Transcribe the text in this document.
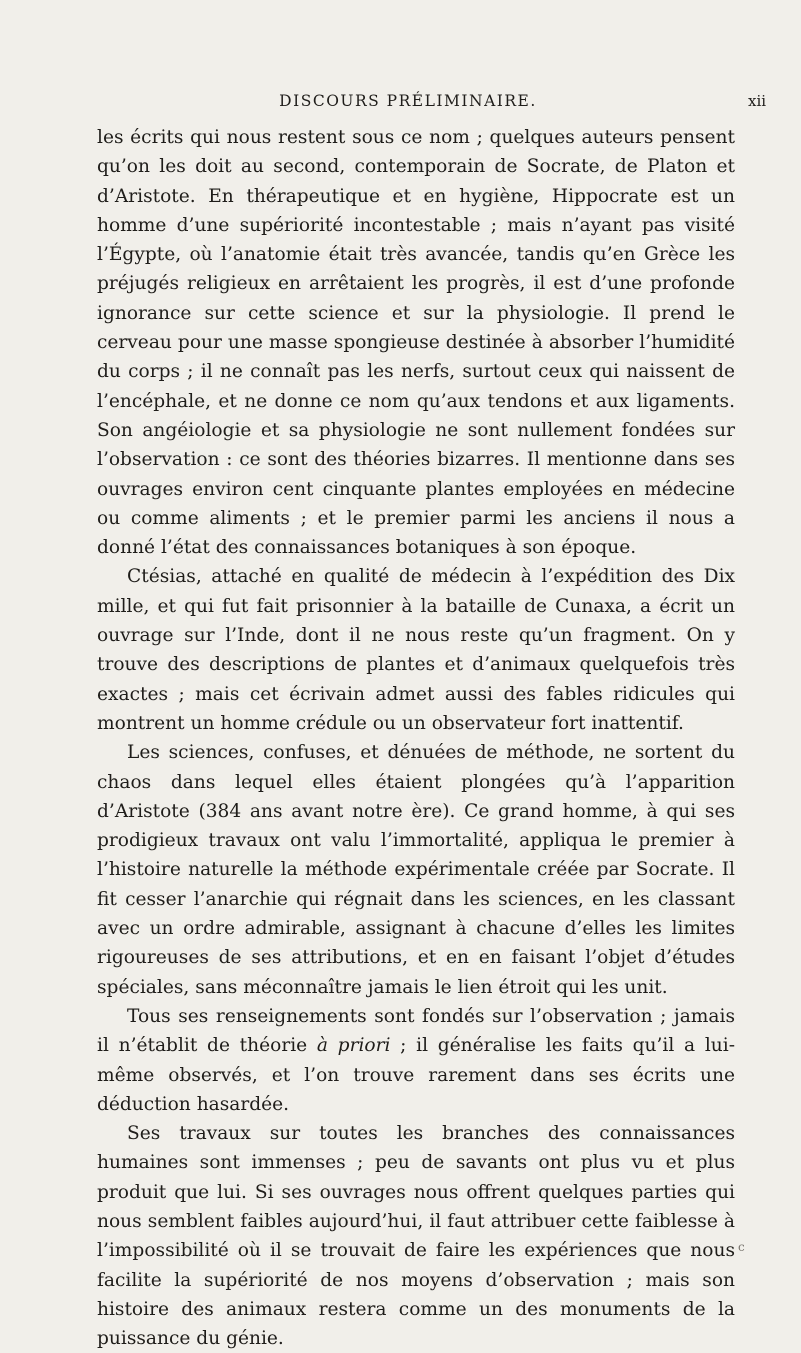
DISCOURS PRÉLIMINAIRE.	xii

les écrits qui nous restent sous ce nom ; quelques auteurs pensent qu’on les doit au second, contemporain de Socrate, de Platon et d’Aristote. En thérapeutique et en hygiène, Hippocrate est un homme d’une supériorité incontestable ; mais n’ayant pas visité l’Égypte, où l’anatomie était très avancée, tandis qu’en Grèce les préjugés religieux en arrêtaient les progrès, il est d’une profonde ignorance sur cette science et sur la physiologie. Il prend le cerveau pour une masse spongieuse destinée à absorber l’humidité du corps ; il ne connaît pas les nerfs, surtout ceux qui naissent de l’encéphale, et ne donne ce nom qu’aux tendons et aux ligaments. Son angéiologie et sa physiologie ne sont nullement fondées sur l’observation : ce sont des théories bizarres. Il mentionne dans ses ouvrages environ cent cinquante plantes employées en médecine ou comme aliments ; et le premier parmi les anciens il nous a donné l’état des connaissances botaniques à son époque.

Ctésias, attaché en qualité de médecin à l’expédition des Dix mille, et qui fut fait prisonnier à la bataille de Cunaxa, a écrit un ouvrage sur l’Inde, dont il ne nous reste qu’un fragment. On y trouve des descriptions de plantes et d’animaux quelquefois très exactes ; mais cet écrivain admet aussi des fables ridicules qui montrent un homme crédule ou un observateur fort inattentif.

Les sciences, confuses, et dénuées de méthode, ne sortent du chaos dans lequel elles étaient plongées qu’à l’apparition d’Aristote (384 ans avant notre ère). Ce grand homme, à qui ses prodigieux travaux ont valu l’immortalité, appliqua le premier à l’histoire naturelle la méthode expérimentale créée par Socrate. Il fit cesser l’anarchie qui régnait dans les sciences, en les classant avec un ordre admirable, assignant à chacune d’elles les limites rigoureuses de ses attributions, et en en faisant l’objet d’études spéciales, sans méconnaître jamais le lien étroit qui les unit.

Tous ses renseignements sont fondés sur l’observation ; jamais il n’établit de théorie à priori ; il généralise les faits qu’il a lui-même observés, et l’on trouve rarement dans ses écrits une déduction hasardée.

Ses travaux sur toutes les branches des connaissances humaines sont immenses ; peu de savants ont plus vu et plus produit que lui. Si ses ouvrages nous offrent quelques parties qui nous semblent faibles aujourd’hui, il faut attribuer cette faiblesse à l’impossibilité où il se trouvait de faire les expériences que nous facilite la supériorité de nos moyens d’observation ; mais son histoire des animaux restera comme un des monuments de la puissance du génie.

c
